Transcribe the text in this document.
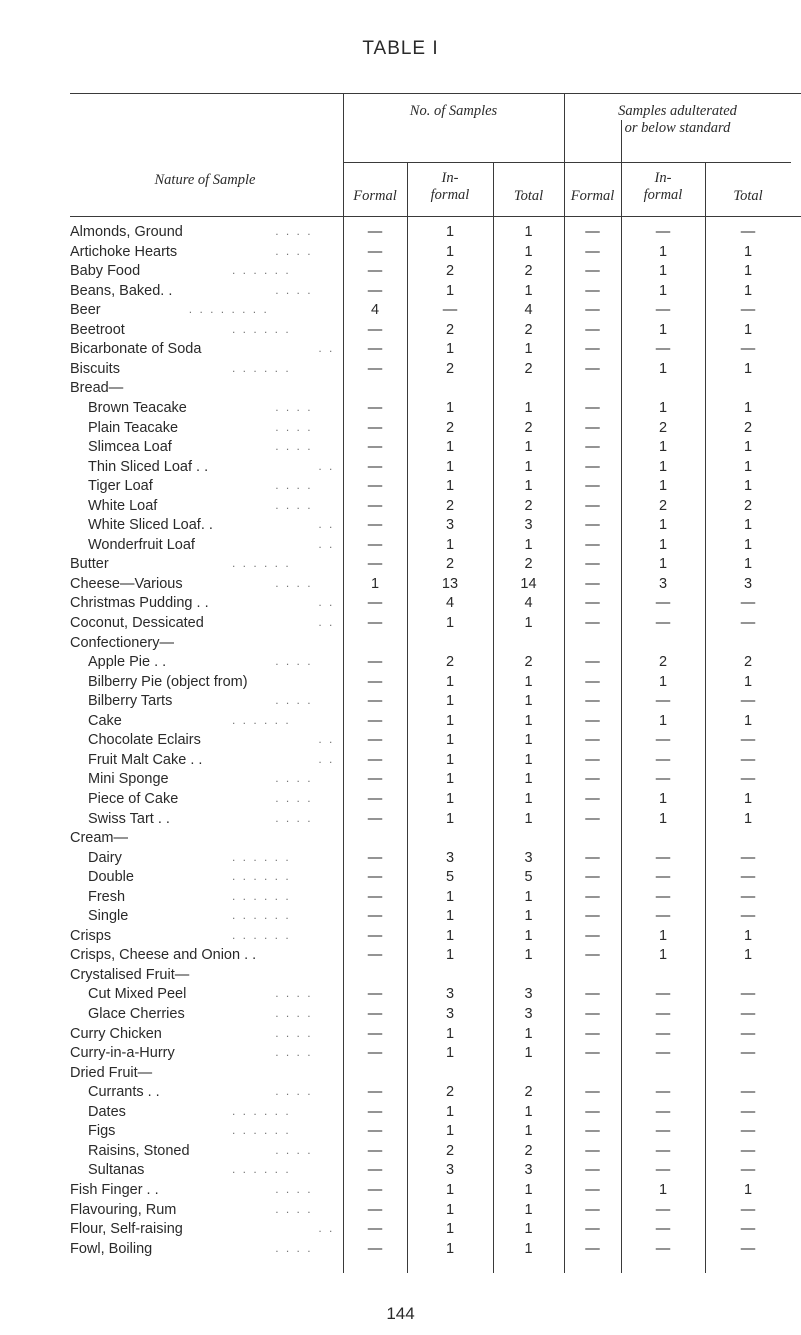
TABLE I
Nature of Sample
No. of Samples	Samples adulterated
or below standard
Formal
In-
formal	Total	Formal
In-
formal	Total
Almonds, Ground	. . . .	—	1	1	—	—	—
Artichoke Hearts	. . . .	—	1	1	—	1	1
Baby Food	. . . . . .	—	2	2	—	1	1
Beans, Baked. .	. . . .	—	1	1	—	1	1
Beer	. . . . . . . .	4	—	4	—	—	—
Beetroot	. . . . . .	—	2	2	—	1	1
Bicarbonate of Soda	. .	—	1	1	—	—	—
Biscuits	. . . . . .	—	2	2	—	1	1
Bread—
Brown Teacake	. . . .	—	1	1	—	1	1
Plain Teacake	. . . .	—	2	2	—	2	2
Slimcea Loaf	. . . .	—	1	1	—	1	1
Thin Sliced Loaf . .	. .	—	1	1	—	1	1
Tiger Loaf	. . . .	—	1	1	—	1	1
White Loaf	. . . .	—	2	2	—	2	2
White Sliced Loaf. .	. .	—	3	3	—	1	1
Wonderfruit Loaf	. .	—	1	1	—	1	1
Butter	. . . . . .	—	2	2	—	1	1
Cheese—Various	. . . .	1	13	14	—	3	3
Christmas Pudding . .	. .	—	4	4	—	—	—
Coconut, Dessicated	. .	—	1	1	—	—	—
Confectionery—
Apple Pie . .	. . . .	—	2	2	—	2	2
Bilberry Pie (object from)	—	1	1	—	1	1
Bilberry Tarts	. . . .	—	1	1	—	—	—
Cake	. . . . . .	—	1	1	—	1	1
Chocolate Eclairs	. .	—	1	1	—	—	—
Fruit Malt Cake . .	. .	—	1	1	—	—	—
Mini Sponge	. . . .	—	1	1	—	—	—
Piece of Cake	. . . .	—	1	1	—	1	1
Swiss Tart . .	. . . .	—	1	1	—	1	1
Cream—
Dairy	. . . . . .	—	3	3	—	—	—
Double	. . . . . .	—	5	5	—	—	—
Fresh	. . . . . .	—	1	1	—	—	—
Single	. . . . . .	—	1	1	—	—	—
Crisps	. . . . . .	—	1	1	—	1	1
Crisps, Cheese and Onion . .	—	1	1	—	1	1
Crystalised Fruit—
Cut Mixed Peel	. . . .	—	3	3	—	—	—
Glace Cherries	. . . .	—	3	3	—	—	—
Curry Chicken	. . . .	—	1	1	—	—	—
Curry-in-a-Hurry	. . . .	—	1	1	—	—	—
Dried Fruit—
Currants . .	. . . .	—	2	2	—	—	—
Dates	. . . . . .	—	1	1	—	—	—
Figs	. . . . . .	—	1	1	—	—	—
Raisins, Stoned	. . . .	—	2	2	—	—	—
Sultanas	. . . . . .	—	3	3	—	—	—
Fish Finger . .	. . . .	—	1	1	—	1	1
Flavouring, Rum	. . . .	—	1	1	—	—	—
Flour, Self-raising	. .	—	1	1	—	—	—
Fowl, Boiling	. . . .	—	1	1	—	—	—
144
